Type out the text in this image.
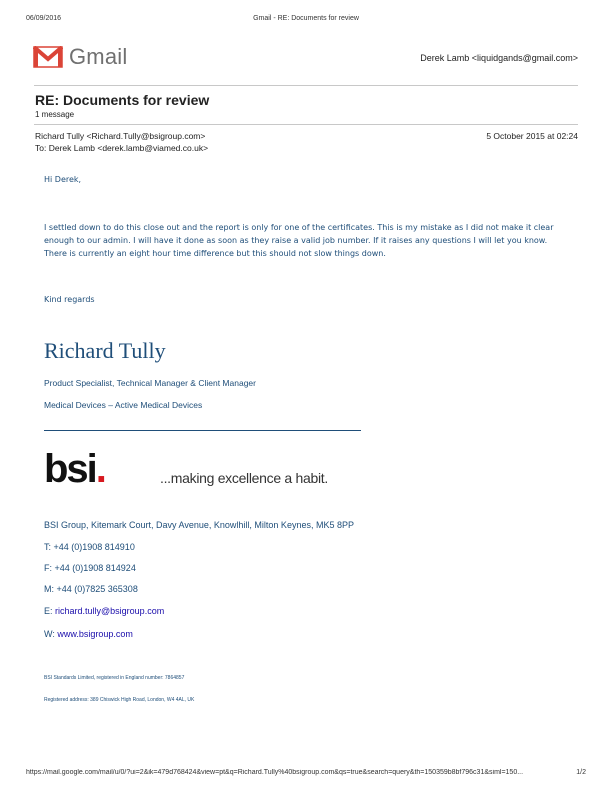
06/09/2016	Gmail - RE: Documents for review
Gmail	Derek Lamb <liquidgands@gmail.com>
RE: Documents for review
1 message
Richard Tully <Richard.Tully@bsigroup.com>
To: Derek Lamb <derek.lamb@viamed.co.uk>
5 October 2015 at 02:24
Hi Derek,
I settled down to do this close out and the report is only for one of the certificates. This is my mistake as I did not make it clear enough to our admin. I will have it done as soon as they raise a valid job number. If it raises any questions I will let you know. There is currently an eight hour time difference but this should not slow things down.
Kind regards
Richard Tully
Product Specialist, Technical Manager & Client Manager
Medical Devices – Active Medical Devices
bsi.	...making excellence a habit.
BSI Group, Kitemark Court, Davy Avenue, Knowlhill, Milton Keynes, MK5 8PP
T: +44 (0)1908 814910
F: +44 (0)1908 814924
M: +44 (0)7825 365308
E: richard.tully@bsigroup.com
W: www.bsigroup.com
BSI Standards Limited, registered in England number: 7864857
Registered address: 389 Chiswick High Road, London, W4 4AL, UK
https://mail.google.com/mail/u/0/?ui=2&ik=479d768424&view=pt&q=Richard.Tully%40bsigroup.com&qs=true&search=query&th=150359b8bf796c31&siml=150...	1/2
